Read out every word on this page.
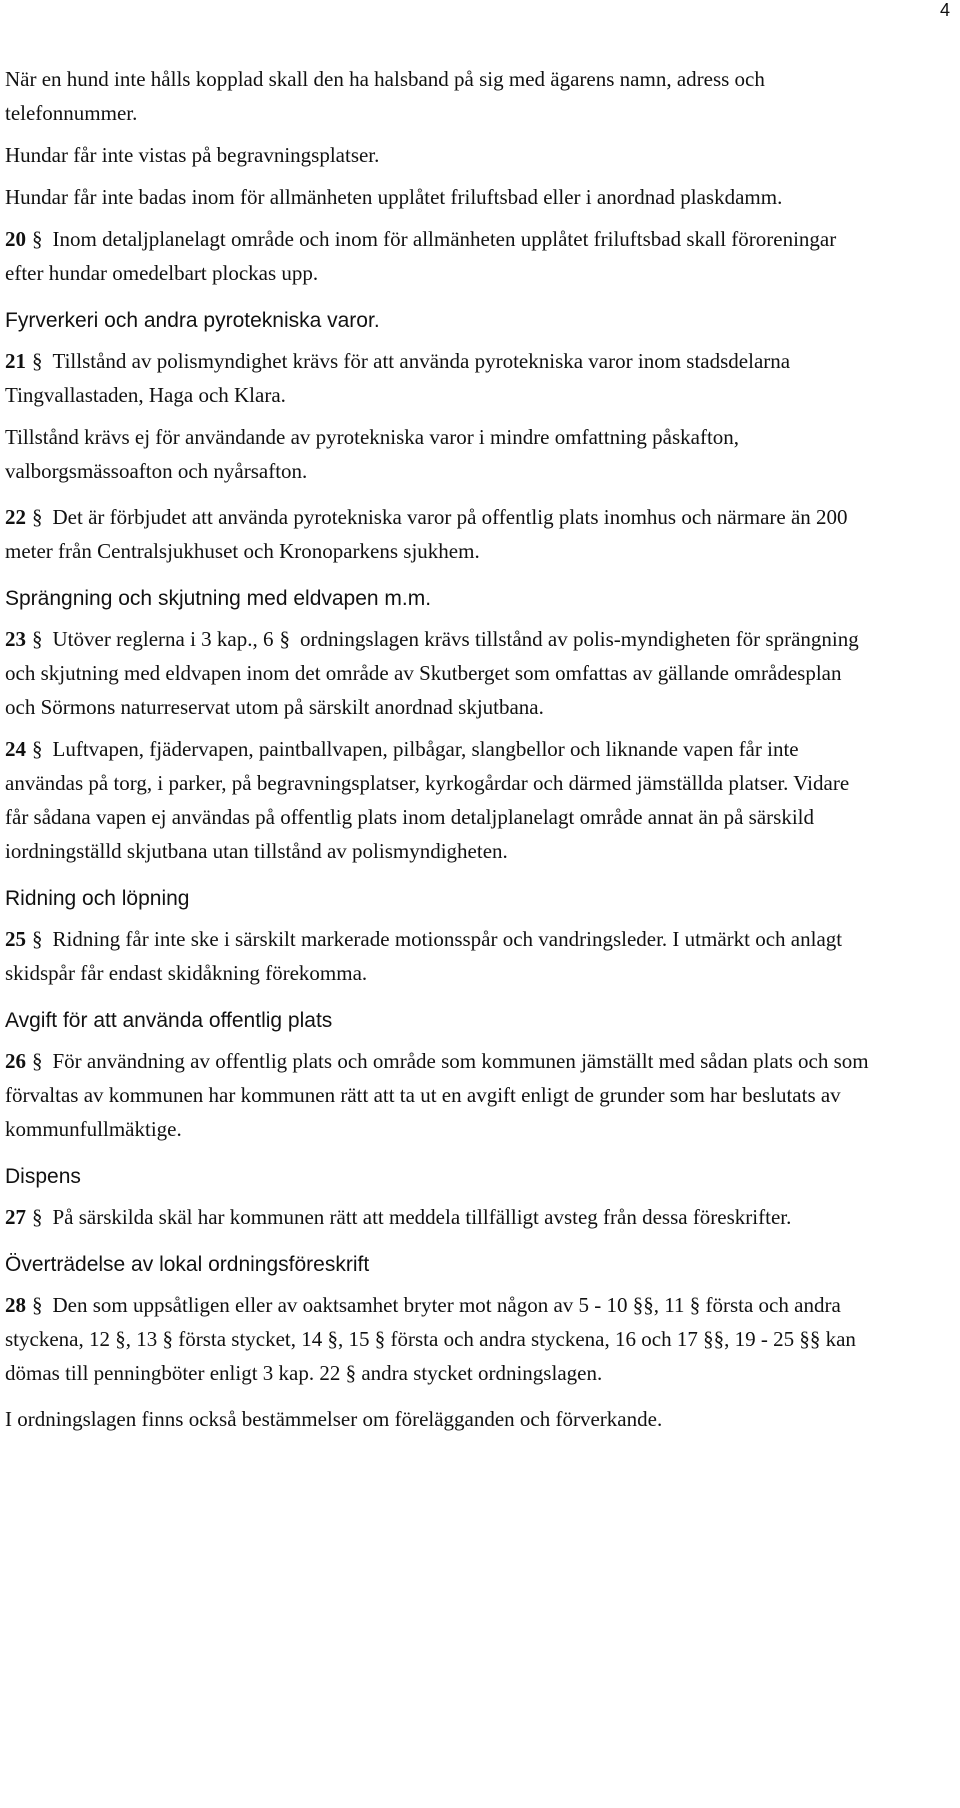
4

När en hund inte hålls kopplad skall den ha halsband på sig med ägarens namn, adress och telefonnummer.

Hundar får inte vistas på begravningsplatser.

Hundar får inte badas inom för allmänheten upplåtet friluftsbad eller i anordnad plaskdamm.

20 § Inom detaljplanelagt område och inom för allmänheten upplåtet friluftsbad skall föroreningar efter hundar omedelbart plockas upp.

Fyrverkeri och andra pyrotekniska varor.

21 § Tillstånd av polismyndighet krävs för att använda pyrotekniska varor inom stadsdelarna Tingvallastaden, Haga och Klara.

Tillstånd krävs ej för användande av pyrotekniska varor i mindre omfattning påskafton, valborgsmässoafton och nyårsafton.

22 § Det är förbjudet att använda pyrotekniska varor på offentlig plats inomhus och närmare än 200 meter från Centralsjukhuset och Kronoparkens sjukhem.

Sprängning och skjutning med eldvapen m.m.

23 § Utöver reglerna i 3 kap., 6 § ordningslagen krävs tillstånd av polis-myndigheten för sprängning och skjutning med eldvapen inom det område av Skutberget som omfattas av gällande områdesplan och Sörmons naturreservat utom på särskilt anordnad skjutbana.

24 § Luftvapen, fjädervapen, paintballvapen, pilbågar, slangbellor och liknande vapen får inte användas på torg, i parker, på begravningsplatser, kyrkogårdar och därmed jämställda platser. Vidare får sådana vapen ej användas på offentlig plats inom detaljplanelagt område annat än på särskild iordningställd skjutbana utan tillstånd av polismyndigheten.

Ridning och löpning

25 § Ridning får inte ske i särskilt markerade motionsspår och vandringsleder. I utmärkt och anlagt skidspår får endast skidåkning förekomma.

Avgift för att använda offentlig plats

26 § För användning av offentlig plats och område som kommunen jämställt med sådan plats och som förvaltas av kommunen har kommunen rätt att ta ut en avgift enligt de grunder som har beslutats av kommunfullmäktige.

Dispens

27 § På särskilda skäl har kommunen rätt att meddela tillfälligt avsteg från dessa föreskrifter.

Överträdelse av lokal ordningsföreskrift

28 § Den som uppsåtligen eller av oaktsamhet bryter mot någon av 5 - 10 §§, 11 § första och andra styckena, 12 §, 13 § första stycket, 14 §, 15 § första och andra styckena, 16 och 17 §§, 19 - 25 §§ kan dömas till penningböter enligt 3 kap. 22 § andra stycket ordningslagen.

I ordningslagen finns också bestämmelser om förelägganden och förverkande.
